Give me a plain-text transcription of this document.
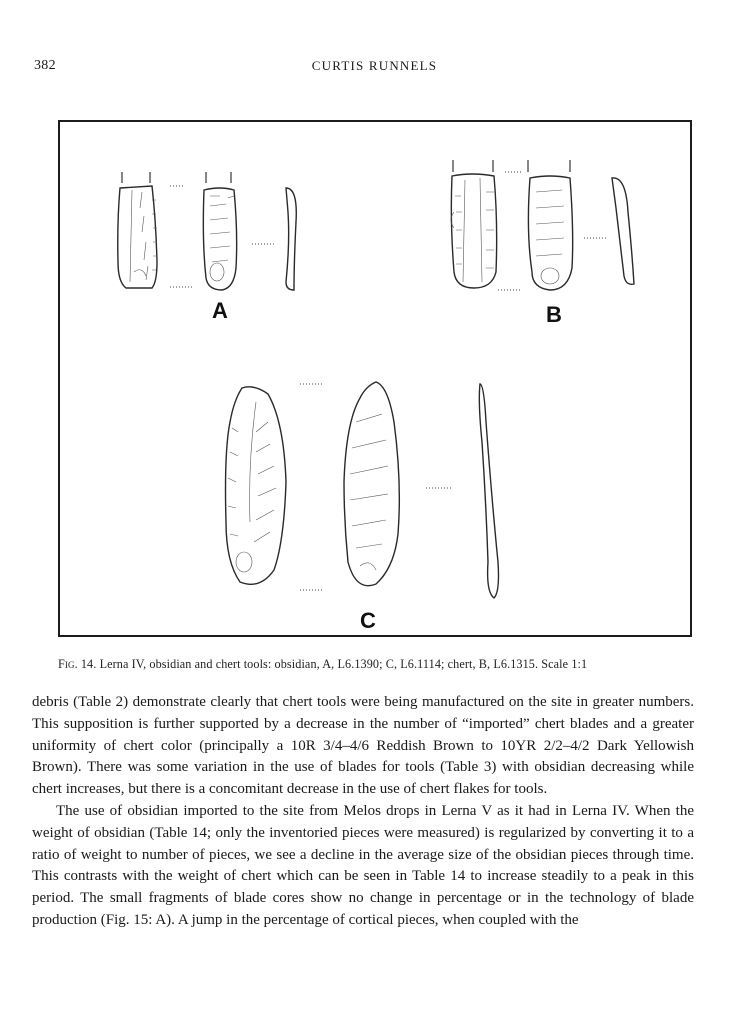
382	CURTIS RUNNELS
A	B
C
Fig. 14. Lerna IV, obsidian and chert tools: obsidian, A, L6.1390; C, L6.1114; chert, B, L6.1315. Scale 1:1

debris (Table 2) demonstrate clearly that chert tools were being manufactured on the site in greater numbers. This supposition is further supported by a decrease in the number of “imported” chert blades and a greater uniformity of chert color (principally a 10R 3/4–4/6 Reddish Brown to 10YR 2/2–4/2 Dark Yellowish Brown). There was some variation in the use of blades for tools (Table 3) with obsidian decreasing while chert increases, but there is a concomitant decrease in the use of chert flakes for tools.

The use of obsidian imported to the site from Melos drops in Lerna V as it had in Lerna IV. When the weight of obsidian (Table 14; only the inventoried pieces were measured) is regularized by converting it to a ratio of weight to number of pieces, we see a decline in the average size of the obsidian pieces through time. This contrasts with the weight of chert which can be seen in Table 14 to increase steadily to a peak in this period. The small fragments of blade cores show no change in percentage or in the technology of blade production (Fig. 15: A). A jump in the percentage of cortical pieces, when coupled with the
